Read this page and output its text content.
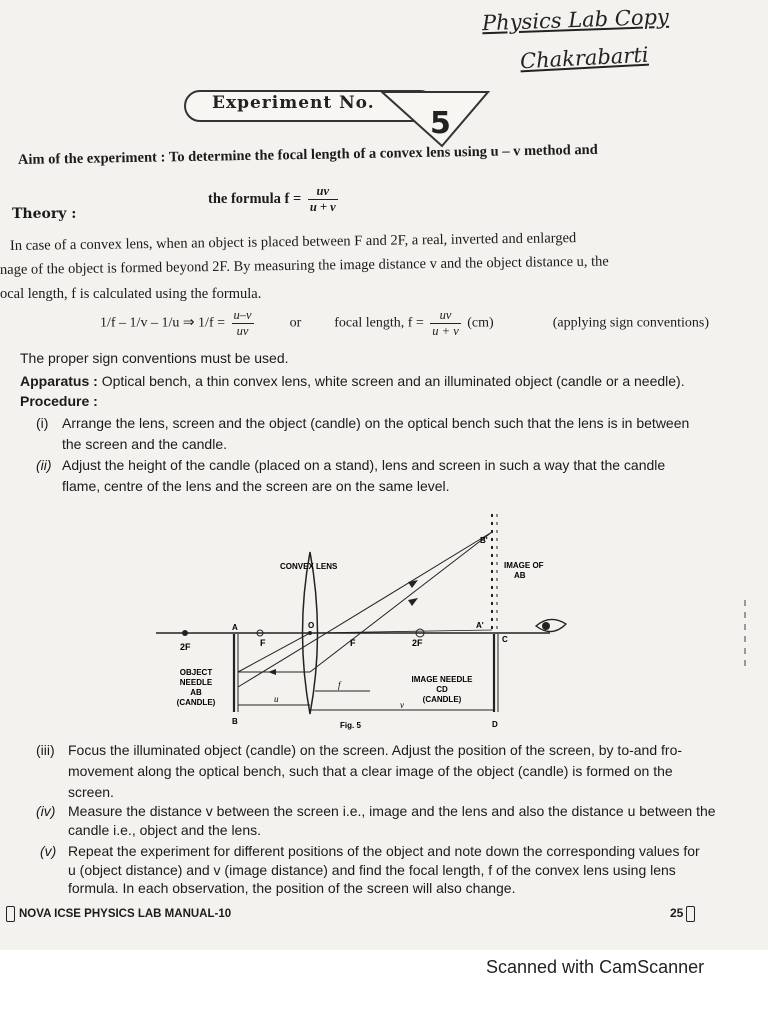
Physics Lab Copy
Chakrabarti
Experiment No.
5
Aim of the experiment : To determine the focal length of a convex lens using u – v method and
the formula $f = \frac{uv}{u + v}$
Theory :
In case of a convex lens, when an object is placed between F and 2F, a real, inverted and enlarged
nage of the object is formed beyond 2F. By measuring the image distance v and the object distance u, the
ocal length, f is calculated using the formula.
1/f – 1/v – 1/u ⇒ $1/f = \frac{u-v}{uv}$	or focal length, $f = \frac{uv}{u + v} (cm)$	(applying sign conventions)
The proper sign conventions must be used.
Apparatus : Optical bench, a thin convex lens, white screen and an illuminated object (candle or a needle).
Procedure :
(i) Arrange the lens, screen and the object (candle) on the optical bench such that the lens is in between
the screen and the candle.
(ii) Adjust the height of the candle (placed on a stand), lens and screen in such a way that the candle
flame, centre of the lens and the screen are on the same level.
2F	F	F	2F
A
B
O
C
D
A'
B'
CONVEX LENS	IMAGE OF
AB
OBJECT
NEEDLE
AB
(CANDLE)
IMAGE NEEDLE
CD
(CANDLE)
u
f
v
Fig. 5
(iii) Focus the illuminated object (candle) on the screen. Adjust the position of the screen, by to-and fro-
movement along the optical bench, such that a clear image of the object (candle) is formed on the
screen.
(iv) Measure the distance v between the screen i.e., image and the lens and also the distance u between the
candle i.e., object and the lens.
(v) Repeat the experiment for different positions of the object and note down the corresponding values for
u (object distance) and v (image distance) and find the focal length, f of the convex lens using lens
formula. In each observation, the position of the screen will also change.
NOVA ICSE PHYSICS LAB MANUAL-10	25
Scanned with CamScanner
